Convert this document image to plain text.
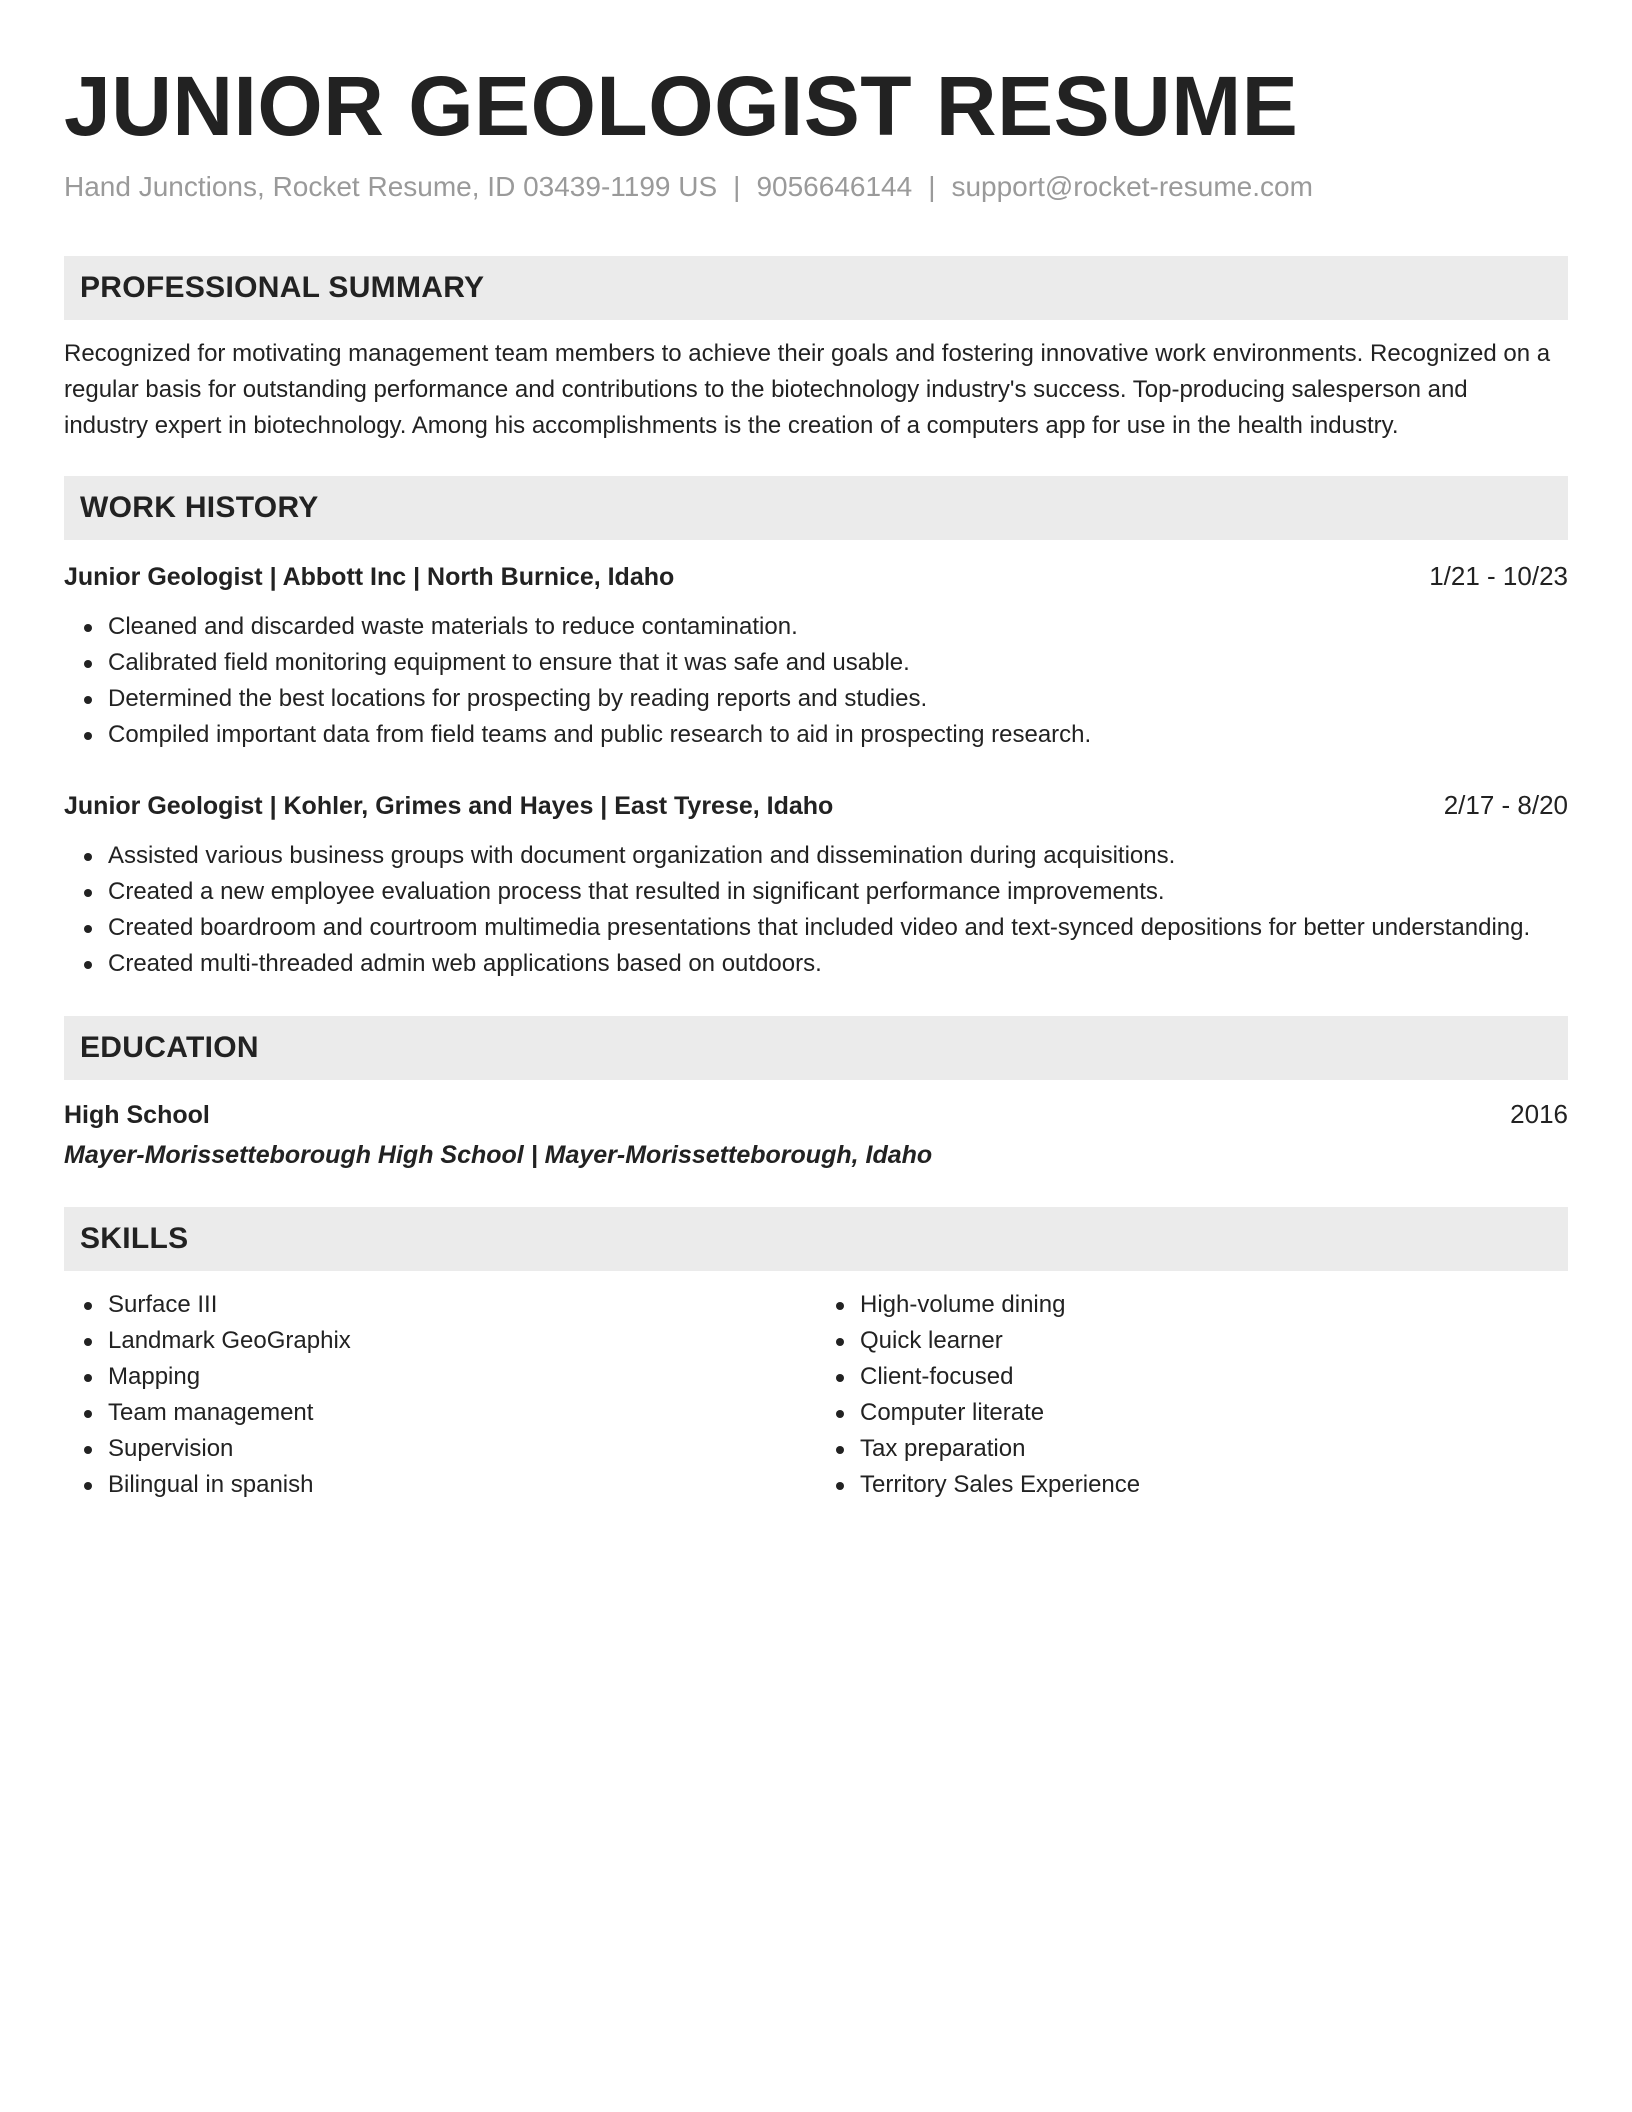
JUNIOR GEOLOGIST RESUME
Hand Junctions, Rocket Resume, ID 03439-1199 US | 9056646144 | support@rocket-resume.com
PROFESSIONAL SUMMARY
Recognized for motivating management team members to achieve their goals and fostering innovative work environments. Recognized on a regular basis for outstanding performance and contributions to the biotechnology industry's success. Top-producing salesperson and industry expert in biotechnology. Among his accomplishments is the creation of a computers app for use in the health industry.
WORK HISTORY
Junior Geologist | Abbott Inc | North Burnice, Idaho	1/21 - 10/23
Cleaned and discarded waste materials to reduce contamination.
Calibrated field monitoring equipment to ensure that it was safe and usable.
Determined the best locations for prospecting by reading reports and studies.
Compiled important data from field teams and public research to aid in prospecting research.
Junior Geologist | Kohler, Grimes and Hayes | East Tyrese, Idaho	2/17 - 8/20
Assisted various business groups with document organization and dissemination during acquisitions.
Created a new employee evaluation process that resulted in significant performance improvements.
Created boardroom and courtroom multimedia presentations that included video and text-synced depositions for better understanding.
Created multi-threaded admin web applications based on outdoors.
EDUCATION
High School	2016
Mayer-Morissetteborough High School | Mayer-Morissetteborough, Idaho
SKILLS
Surface III
Landmark GeoGraphix
Mapping
Team management
Supervision
Bilingual in spanish
High-volume dining
Quick learner
Client-focused
Computer literate
Tax preparation
Territory Sales Experience
